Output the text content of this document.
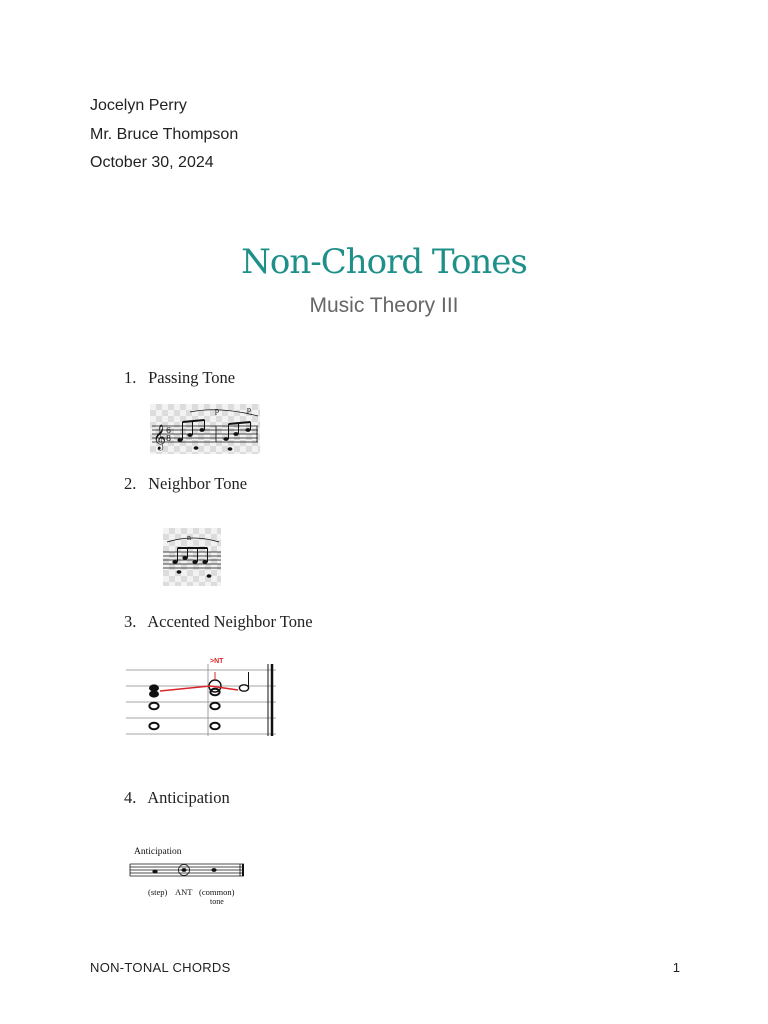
Jocelyn Perry
Mr. Bruce Thompson
October 30, 2024
Non-Chord Tones
Music Theory III
1. Passing Tone
𝄞 6
8
p	p
2. Neighbor Tone
n
3. Accented Neighbor Tone
>NT
4. Anticipation
Anticipation
(step) ANT (common)
tone
NON-TONAL CHORDS	1
